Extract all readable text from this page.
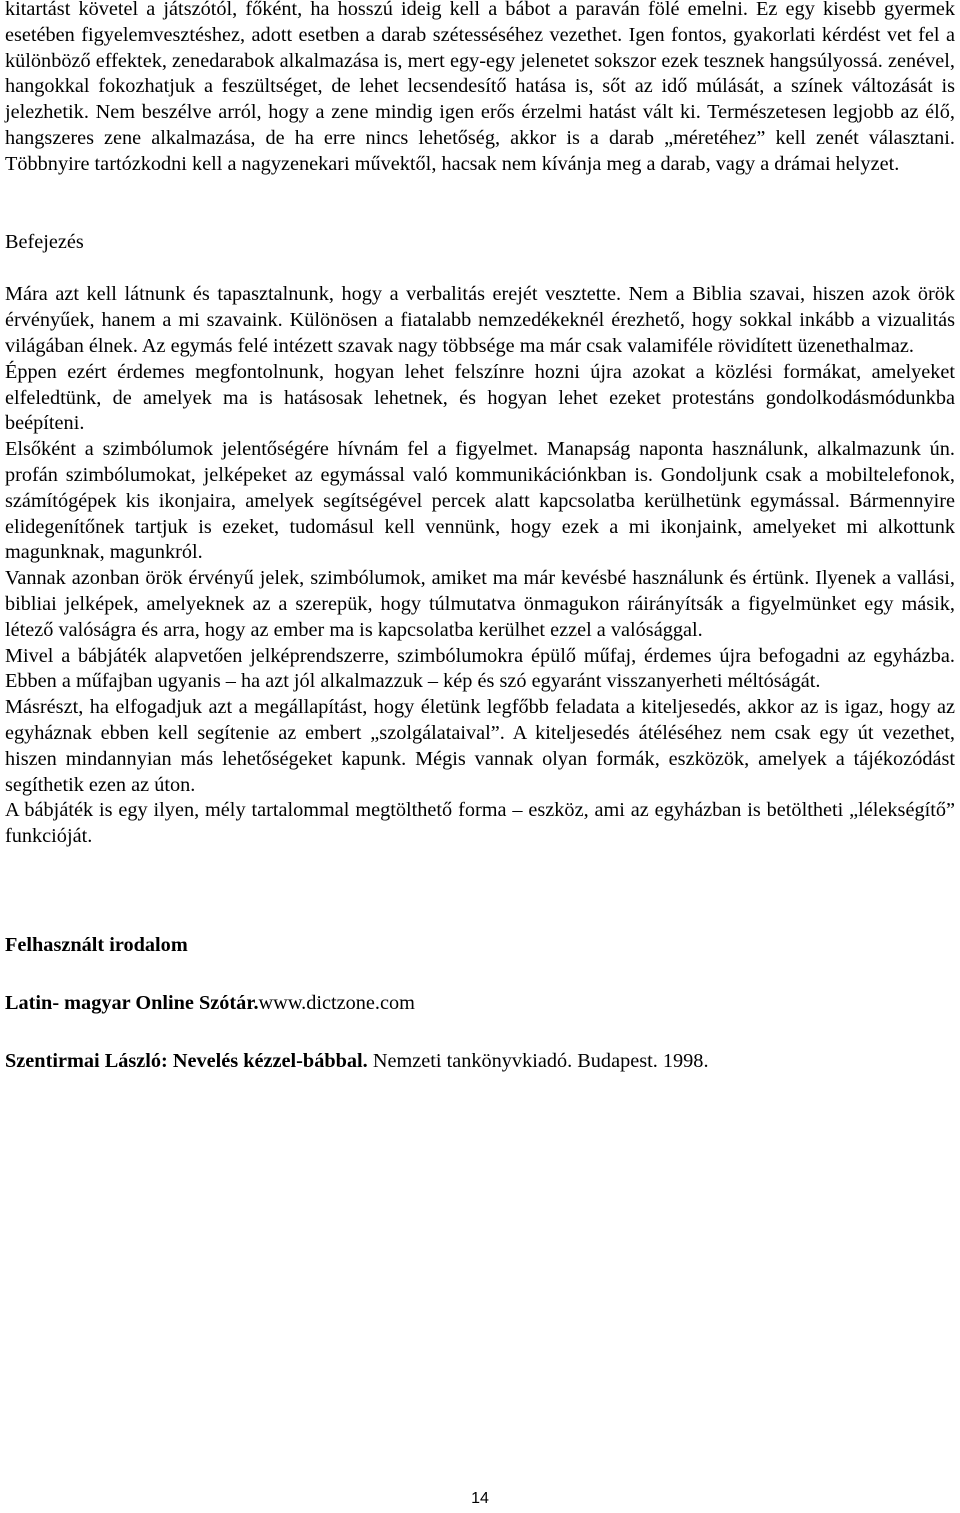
kitartást követel a játszótól, főként, ha hosszú ideig kell a bábot a paraván fölé emelni. Ez egy kisebb gyermek esetében figyelemvesztéshez, adott esetben a darab szétesséséhez vezethet. Igen fontos, gyakorlati kérdést vet fel a különböző effektek, zenedarabok alkalmazása is, mert egy-egy jelenetet sokszor ezek tesznek hangsúlyossá. zenével, hangokkal fokozhatjuk a feszültséget, de lehet lecsendesítő hatása is, sőt az idő múlását, a színek változását is jelezhetik. Nem beszélve arról, hogy a zene mindig igen erős érzelmi hatást vált ki. Természetesen legjobb az élő, hangszeres zene alkalmazása, de ha erre nincs lehetőség, akkor is a darab „méretéhez” kell zenét választani. Többnyire tartózkodni kell a nagyzenekari művektől, hacsak nem kívánja meg a darab, vagy a drámai helyzet.

Befejezés

Mára azt kell látnunk és tapasztalnunk, hogy a verbalitás erejét vesztette. Nem a Biblia szavai, hiszen azok örök érvényűek, hanem a mi szavaink. Különösen a fiatalabb nemzedékeknél érezhető, hogy sokkal inkább a vizualitás világában élnek. Az egymás felé intézett szavak nagy többsége ma már csak valamiféle rövidített üzenethalmaz.

Éppen ezért érdemes megfontolnunk, hogyan lehet felszínre hozni újra azokat a közlési formákat, amelyeket elfeledtünk, de amelyek ma is hatásosak lehetnek, és hogyan lehet ezeket protestáns gondolkodásmódunkba beépíteni.

Elsőként a szimbólumok jelentőségére hívnám fel a figyelmet. Manapság naponta használunk, alkalmazunk ún. profán szimbólumokat, jelképeket az egymással való kommunikációnkban is. Gondoljunk csak a mobiltelefonok, számítógépek kis ikonjaira, amelyek segítségével percek alatt kapcsolatba kerülhetünk egymással. Bármennyire elidegenítőnek tartjuk is ezeket, tudomásul kell vennünk, hogy ezek a mi ikonjaink, amelyeket mi alkottunk magunknak, magunkról.

Vannak azonban örök érvényű jelek, szimbólumok, amiket ma már kevésbé használunk és értünk. Ilyenek a vallási, bibliai jelképek, amelyeknek az a szerepük, hogy túlmutatva önmagukon ráirányítsák a figyelmünket egy másik, létező valóságra és arra, hogy az ember ma is kapcsolatba kerülhet ezzel a valósággal.

Mivel a bábjáték alapvetően jelképrendszerre, szimbólumokra épülő műfaj, érdemes újra befogadni az egyházba. Ebben a műfajban ugyanis – ha azt jól alkalmazzuk – kép és szó egyaránt visszanyerheti méltóságát.

Másrészt, ha elfogadjuk azt a megállapítást, hogy életünk legfőbb feladata a kiteljesedés, akkor az is igaz, hogy az egyháznak ebben kell segítenie az embert „szolgálataival”. A kiteljesedés átéléséhez nem csak egy út vezethet, hiszen mindannyian más lehetőségeket kapunk. Mégis vannak olyan formák, eszközök, amelyek a tájékozódást segíthetik ezen az úton.

A bábjáték is egy ilyen, mély tartalommal megtölthető forma – eszköz, ami az egyházban is betöltheti „lélekségítő” funkcióját.

Felhasznált irodalom

Latin- magyar Online Szótár.www.dictzone.com

Szentirmai László: Nevelés kézzel-bábbal. Nemzeti tankönyvkiadó. Budapest. 1998.

14
